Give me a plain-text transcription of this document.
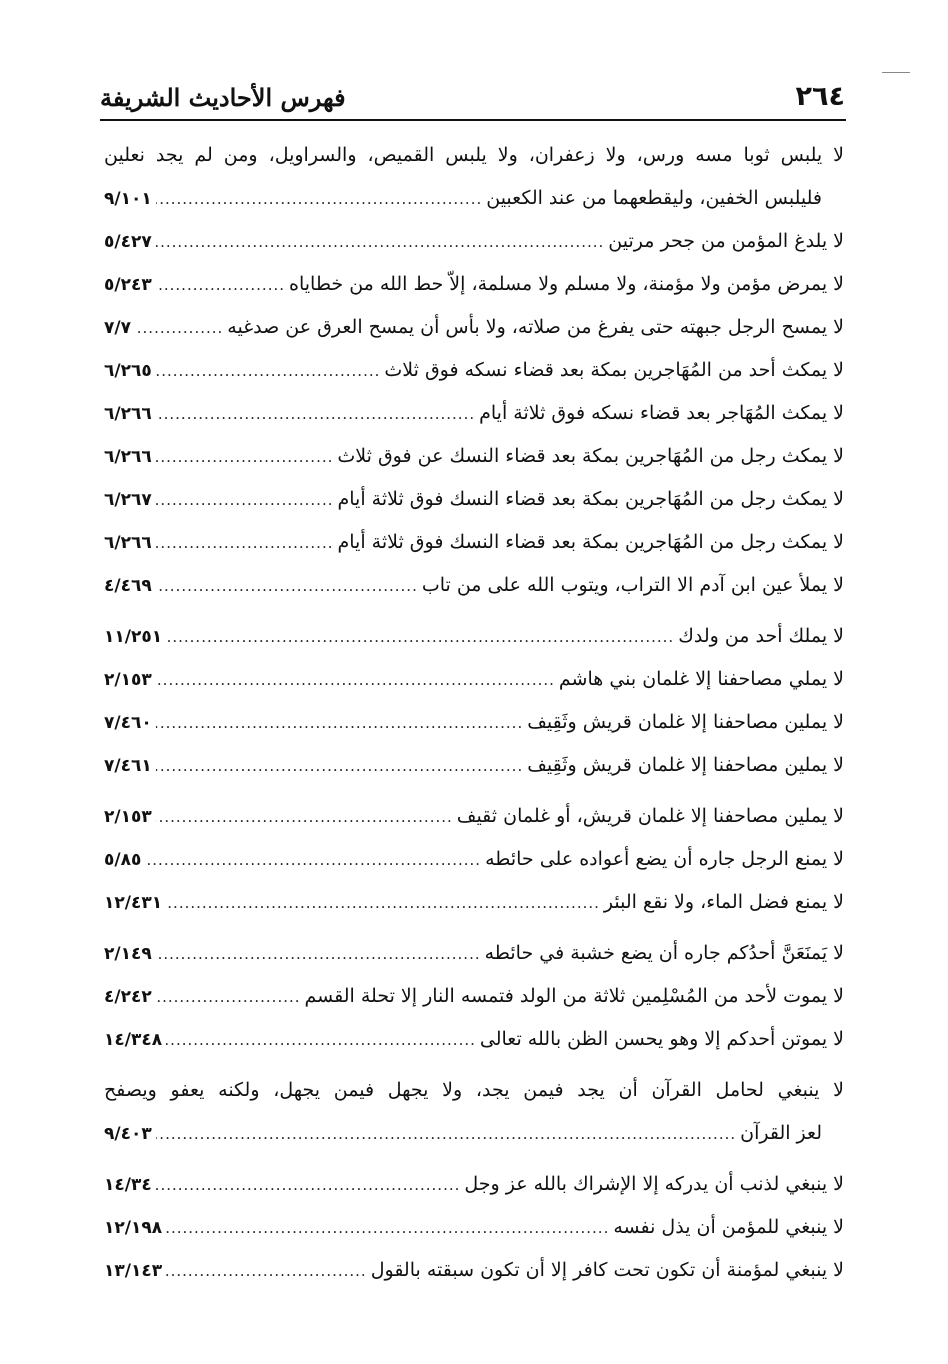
٢٦٤
فهرس الأحاديث الشريفة
لا يلبس ثوبا مسه ورس، ولا زعفران، ولا يلبس القميص، والسراويل، ومن لم يجد نعلين
فليلبس الخفين، وليقطعهما من عند الكعبين
.....
٩/١٠١
لا يلدغ المؤمن من جحر مرتين
.....
٥/٤٢٧
لا يمرض مؤمن ولا مؤمنة، ولا مسلم ولا مسلمة، إلاّ حط الله من خطاياه
.....
٥/٢٤٣
لا يمسح الرجل جبهته حتى يفرغ من صلاته، ولا بأس أن يمسح العرق عن صدغيه
.....
٧/٧
لا يمكث أحد من المُهَاجرين بمكة بعد قضاء نسكه فوق ثلاث
.....
٦/٢٦٥
لا يمكث المُهَاجر بعد قضاء نسكه فوق ثلاثة أيام
.....
٦/٢٦٦
لا يمكث رجل من المُهَاجرين بمكة بعد قضاء النسك عن فوق ثلاث
.....
٦/٢٦٦
لا يمكث رجل من المُهَاجرين بمكة بعد قضاء النسك فوق ثلاثة أيام
.....
٦/٢٦٧
لا يمكث رجل من المُهَاجرين بمكة بعد قضاء النسك فوق ثلاثة أيام
.....
٦/٢٦٦
لا يملأ عين ابن آدم الا التراب، ويتوب الله على من تاب
.....
٤/٤٦٩
لا يملك أحد من ولدك
.....
١١/٢٥١
لا يملي مصاحفنا إلا غلمان بني هاشم
.....
٢/١٥٣
لا يملين مصاحفنا إلا غلمان قريش وثَقِيف
.....
٧/٤٦٠
لا يملين مصاحفنا إلا غلمان قريش وثَقِيف
.....
٧/٤٦١
لا يملين مصاحفنا إلا غلمان قريش، أو غلمان ثقيف
.....
٢/١٥٣
لا يمنع الرجل جاره أن يضع أعواده على حائطه
.....
٥/٨٥
لا يمنع فضل الماء، ولا نقع البئر
.....
١٢/٤٣١
لا يَمنَعَنَّ أحدُكم جاره أن يضع خشبة في حائطه
.....
٢/١٤٩
لا يموت لأحد من المُسْلِمين ثلاثة من الولد فتمسه النار إلا تحلة القسم
.....
٤/٢٤٢
لا يموتن أحدكم إلا وهو يحسن الظن بالله تعالى
.....
١٤/٣٤٨
لا ينبغي لحامل القرآن أن يجد فيمن يجد، ولا يجهل فيمن يجهل، ولكنه يعفو ويصفح
لعز القرآن
.....
٩/٤٠٣
لا ينبغي لذنب أن يدركه إلا الإشراك بالله عز وجل
.....
١٤/٣٤
لا ينبغي للمؤمن أن يذل نفسه
.....
١٢/١٩٨
لا ينبغي لمؤمنة أن تكون تحت كافر إلا أن تكون سبقته بالقول
.....
١٣/١٤٣
